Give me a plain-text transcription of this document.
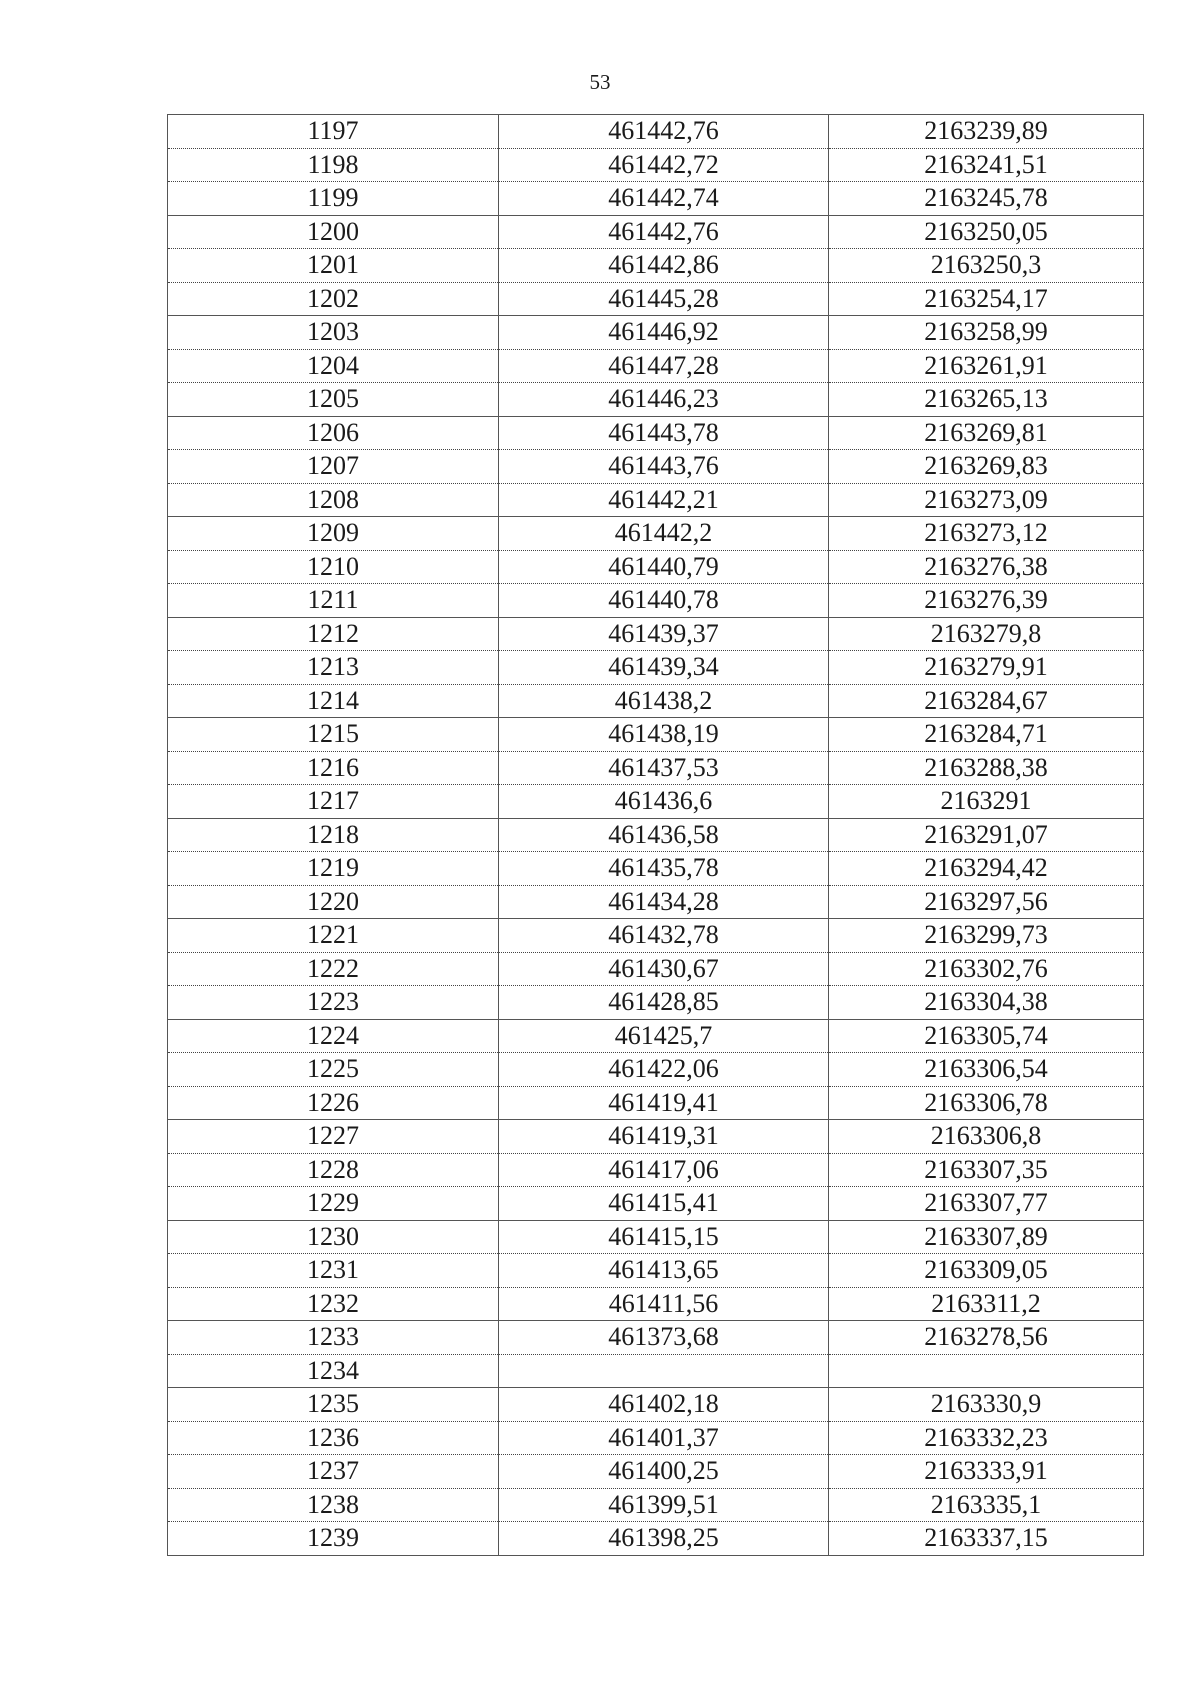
53
1197	461442,76	2163239,89
1198	461442,72	2163241,51
1199	461442,74	2163245,78
1200	461442,76	2163250,05
1201	461442,86	2163250,3
1202	461445,28	2163254,17
1203	461446,92	2163258,99
1204	461447,28	2163261,91
1205	461446,23	2163265,13
1206	461443,78	2163269,81
1207	461443,76	2163269,83
1208	461442,21	2163273,09
1209	461442,2	2163273,12
1210	461440,79	2163276,38
1211	461440,78	2163276,39
1212	461439,37	2163279,8
1213	461439,34	2163279,91
1214	461438,2	2163284,67
1215	461438,19	2163284,71
1216	461437,53	2163288,38
1217	461436,6	2163291
1218	461436,58	2163291,07
1219	461435,78	2163294,42
1220	461434,28	2163297,56
1221	461432,78	2163299,73
1222	461430,67	2163302,76
1223	461428,85	2163304,38
1224	461425,7	2163305,74
1225	461422,06	2163306,54
1226	461419,41	2163306,78
1227	461419,31	2163306,8
1228	461417,06	2163307,35
1229	461415,41	2163307,77
1230	461415,15	2163307,89
1231	461413,65	2163309,05
1232	461411,56	2163311,2
1233	461373,68	2163278,56
1234		
1235	461402,18	2163330,9
1236	461401,37	2163332,23
1237	461400,25	2163333,91
1238	461399,51	2163335,1
1239	461398,25	2163337,15
